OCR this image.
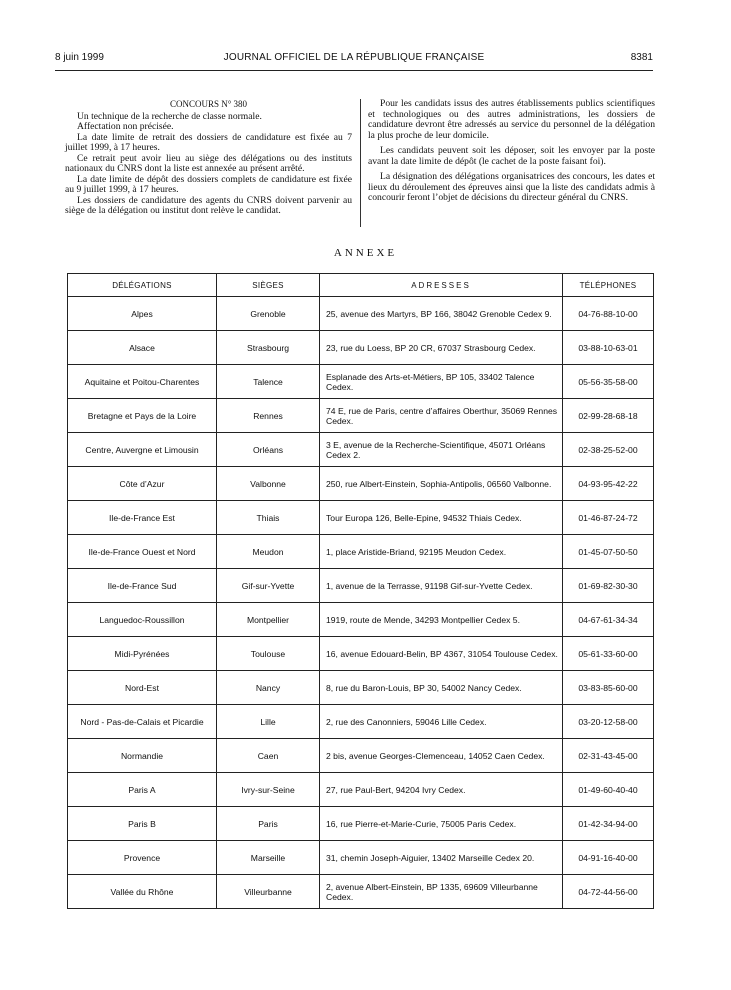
8 juin 1999	JOURNAL OFFICIEL DE LA RÉPUBLIQUE FRANÇAISE	8381

CONCOURS N° 380

Un technique de la recherche de classe normale.

Affectation non précisée.

La date limite de retrait des dossiers de candidature est fixée au 7 juillet 1999, à 17 heures.

Ce retrait peut avoir lieu au siège des délégations ou des instituts nationaux du CNRS dont la liste est annexée au présent arrêté.

La date limite de dépôt des dossiers complets de candidature est fixée au 9 juillet 1999, à 17 heures.

Les dossiers de candidature des agents du CNRS doivent parvenir au siège de la délégation ou institut dont relève le candidat.

Pour les candidats issus des autres établissements publics scientifiques et technologiques ou des autres administrations, les dossiers de candidature devront être adressés au service du personnel de la délégation la plus proche de leur domicile.

Les candidats peuvent soit les déposer, soit les envoyer par la poste avant la date limite de dépôt (le cachet de la poste faisant foi).

La désignation des délégations organisatrices des concours, les dates et lieux du déroulement des épreuves ainsi que la liste des candidats admis à concourir feront l’objet de décisions du directeur général du CNRS.

ANNEXE
DÉLÉGATIONS	SIÈGES	ADRESSES	TÉLÉPHONES
Alpes	Grenoble	25, avenue des Martyrs, BP 166, 38042 Grenoble Cedex 9.	04-76-88-10-00
Alsace	Strasbourg	23, rue du Loess, BP 20 CR, 67037 Strasbourg Cedex.	03-88-10-63-01
Aquitaine et Poitou-Charentes	Talence	Esplanade des Arts-et-Métiers, BP 105, 33402 Talence Cedex.	05-56-35-58-00
Bretagne et Pays de la Loire	Rennes	74 E, rue de Paris, centre d’affaires Oberthur, 35069 Rennes Cedex.	02-99-28-68-18
Centre, Auvergne et Limousin	Orléans	3 E, avenue de la Recherche-Scientifique, 45071 Orléans Cedex 2.	02-38-25-52-00
Côte d’Azur	Valbonne	250, rue Albert-Einstein, Sophia-Antipolis, 06560 Valbonne.	04-93-95-42-22
Ile-de-France Est	Thiais	Tour Europa 126, Belle-Epine, 94532 Thiais Cedex.	01-46-87-24-72
Ile-de-France Ouest et Nord	Meudon	1, place Aristide-Briand, 92195 Meudon Cedex.	01-45-07-50-50
Ile-de-France Sud	Gif-sur-Yvette	1, avenue de la Terrasse, 91198 Gif-sur-Yvette Cedex.	01-69-82-30-30
Languedoc-Roussillon	Montpellier	1919, route de Mende, 34293 Montpellier Cedex 5.	04-67-61-34-34
Midi-Pyrénées	Toulouse	16, avenue Edouard-Belin, BP 4367, 31054 Toulouse Cedex.	05-61-33-60-00
Nord-Est	Nancy	8, rue du Baron-Louis, BP 30, 54002 Nancy Cedex.	03-83-85-60-00
Nord - Pas-de-Calais et Picardie	Lille	2, rue des Canonniers, 59046 Lille Cedex.	03-20-12-58-00
Normandie	Caen	2 bis, avenue Georges-Clemenceau, 14052 Caen Cedex.	02-31-43-45-00
Paris A	Ivry-sur-Seine	27, rue Paul-Bert, 94204 Ivry Cedex.	01-49-60-40-40
Paris B	Paris	16, rue Pierre-et-Marie-Curie, 75005 Paris Cedex.	01-42-34-94-00
Provence	Marseille	31, chemin Joseph-Aiguier, 13402 Marseille Cedex 20.	04-91-16-40-00
Vallée du Rhône	Villeurbanne	2, avenue Albert-Einstein, BP 1335, 69609 Villeurbanne Cedex.	04-72-44-56-00
